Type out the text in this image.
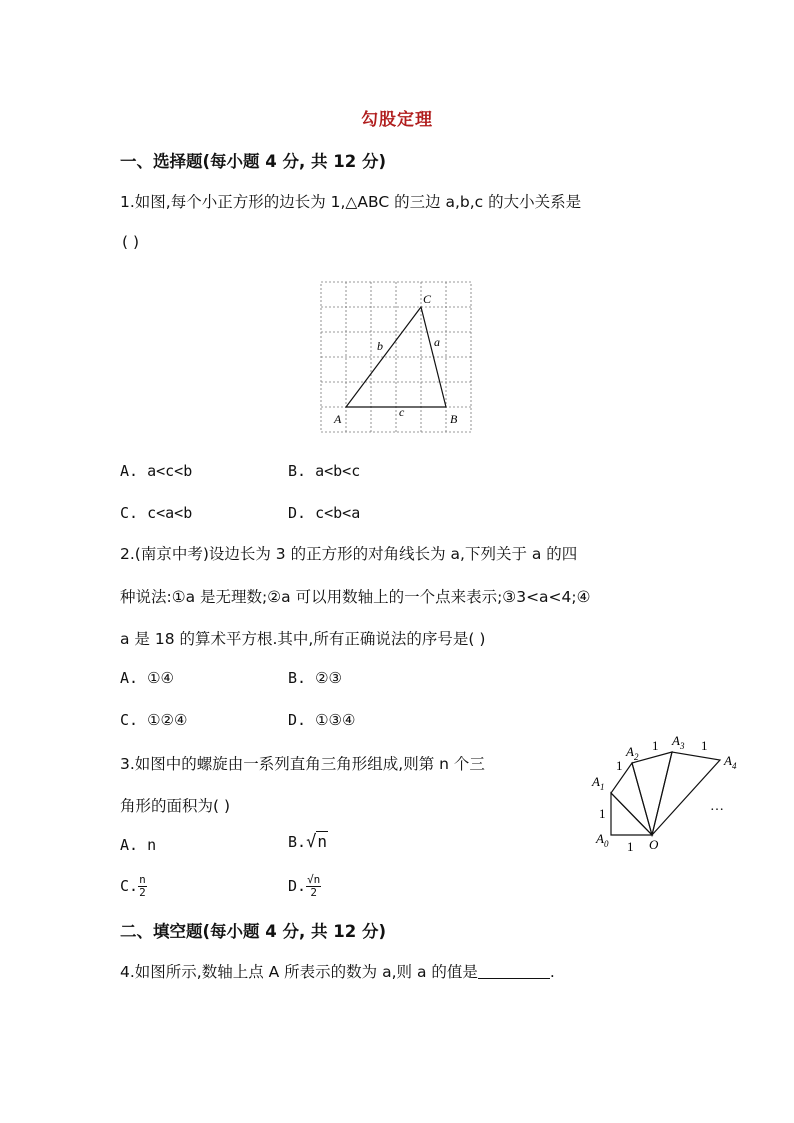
勾股定理
一、选择题(每小题 4 分, 共 12 分)
1.如图,每个小正方形的边长为 1,△ABC 的三边 a,b,c 的大小关系是
( )
C
A	B
a
b
c
A. a<c<b	B. a<b<c
C. c<a<b	D. c<b<a
2.(南京中考)设边长为 3 的正方形的对角线长为 a,下列关于 a 的四
种说法:①a 是无理数;②a 可以用数轴上的一个点来表示;③3<a<4;④
a 是 18 的算术平方根.其中,所有正确说法的序号是( )
A. ①④	B. ②③
C. ①②④	D. ①③④
3.如图中的螺旋由一系列直角三角形组成,则第 n 个三
角形的面积为( )
A. n	B.√n
C. $\frac{n}{2}$	D. $\frac{√n}{2}$
$A_0$
$A_1$
$A_2$
$A_3$
$A_4$
O
1
1
1
1	1
…
二、填空题(每小题 4 分, 共 12 分)
4.如图所示,数轴上点 A 所表示的数为 a,则 a 的值是	.
